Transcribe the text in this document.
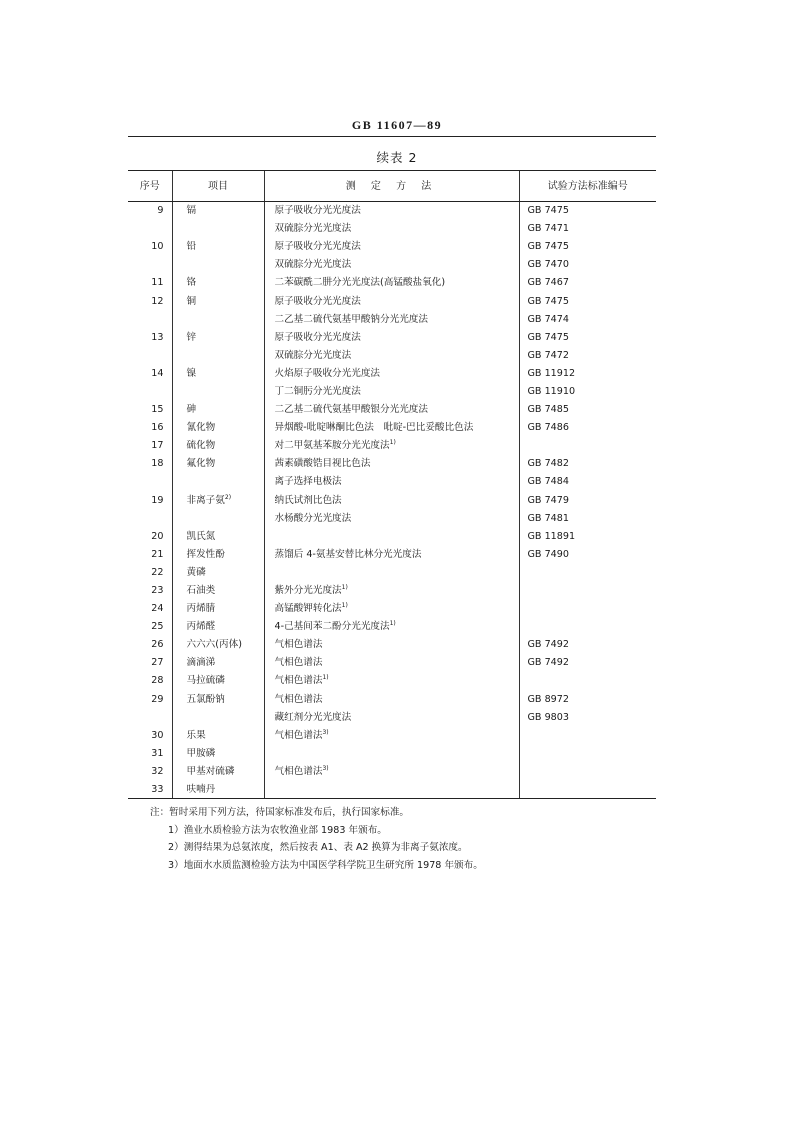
GB 11607—89
续表 2
序号	项目	测 定 方 法	试验方法标准编号
9	镉	原子吸收分光光度法	GB 7475
		双硫腙分光光度法	GB 7471
10	铅	原子吸收分光光度法	GB 7475
		双硫腙分光光度法	GB 7470
11	铬	二苯碳酰二肼分光光度法(高锰酸盐氧化)	GB 7467
12	铜	原子吸收分光光度法	GB 7475
		二乙基二硫代氨基甲酸钠分光光度法	GB 7474
13	锌	原子吸收分光光度法	GB 7475
		双硫腙分光光度法	GB 7472
14	镍	火焰原子吸收分光光度法	GB 11912
		丁二铜肟分光光度法	GB 11910
15	砷	二乙基二硫代氨基甲酸银分光光度法	GB 7485
16	氰化物	异烟酸-吡啶啉酮比色法　吡啶-巴比妥酸比色法	GB 7486
17	硫化物	对二甲氨基苯胺分光光度法$^{1)}$	
18	氟化物	茜素磺酸锆目视比色法	GB 7482
		离子选择电极法	GB 7484
19	非离子氨$^{2)}$	纳氏试剂比色法	GB 7479
		水杨酸分光光度法	GB 7481
20	凯氏氮		GB 11891
21	挥发性酚	蒸馏后 4-氨基安替比林分光光度法	GB 7490
22	黄磷		
23	石油类	紫外分光光度法$^{1)}$	
24	丙烯腈	高锰酸钾转化法$^{1)}$	
25	丙烯醛	4-己基间苯二酚分光光度法$^{1)}$	
26	六六六(丙体)	气相色谱法	GB 7492
27	滴滴涕	气相色谱法	GB 7492
28	马拉硫磷	气相色谱法$^{1)}$	
29	五氯酚钠	气相色谱法	GB 8972
		藏红剂分光光度法	GB 9803
30	乐果	气相色谱法$^{3)}$	
31	甲胺磷		
32	甲基对硫磷	气相色谱法$^{3)}$	
33	呋喃丹		
注：暂时采用下列方法，待国家标准发布后，执行国家标准。
1）渔业水质检验方法为农牧渔业部 1983 年颁布。
2）测得结果为总氨浓度，然后按表 A1、表 A2 换算为非离子氨浓度。
3）地面水水质监测检验方法为中国医学科学院卫生研究所 1978 年颁布。
